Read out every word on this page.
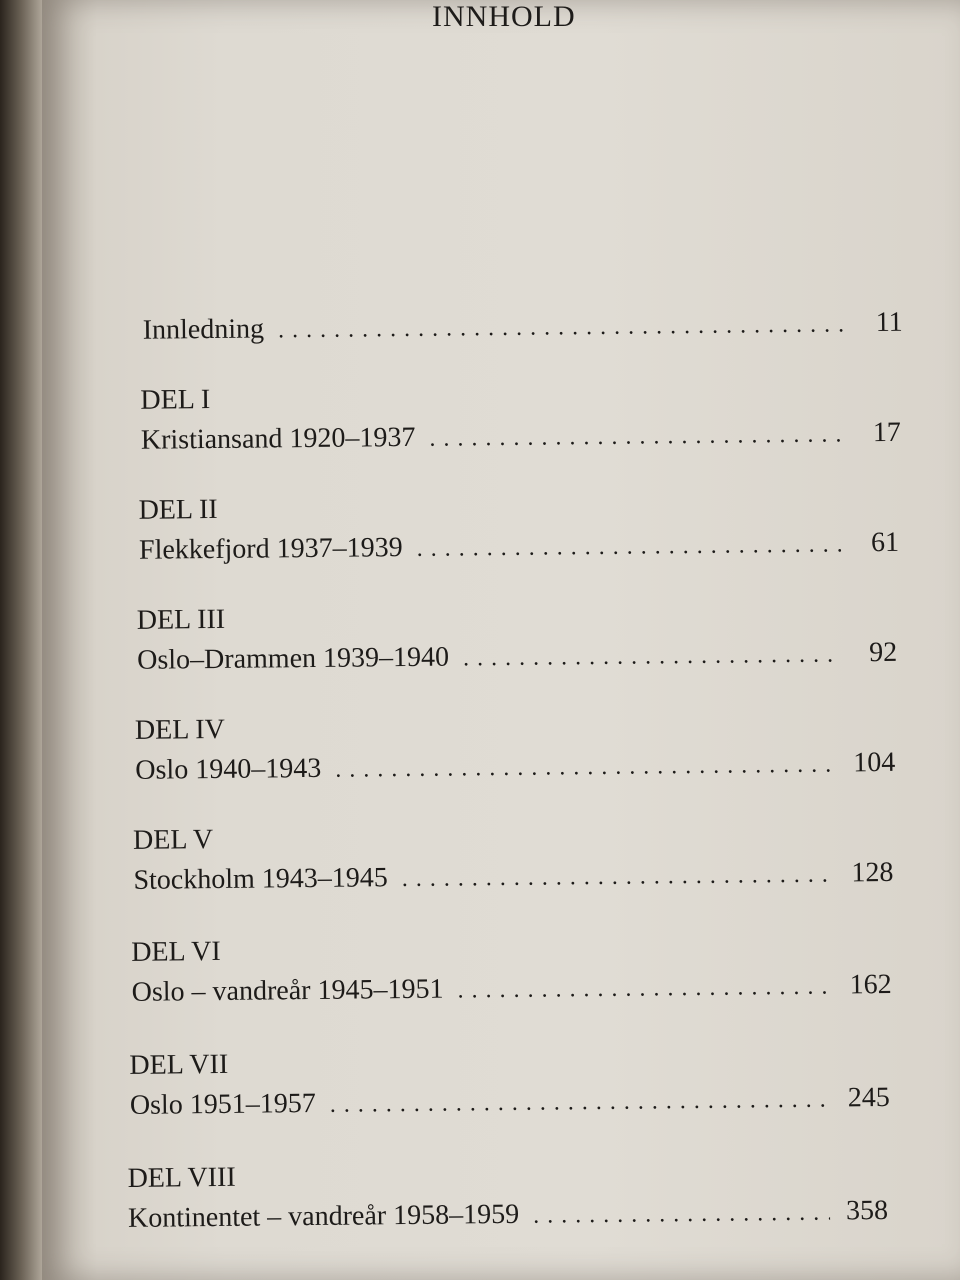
INNHOLD
Innledning . . .	11
DEL I
Kristiansand 1920–1937 . . .	17
DEL II
Flekkefjord 1937–1939 . . .	61
DEL III
Oslo–Drammen 1939–1940 . . .	92
DEL IV
Oslo 1940–1943 . . .	104
DEL V
Stockholm 1943–1945 . . .	128
DEL VI
Oslo – vandreår 1945–1951 . . .	162
DEL VII
Oslo 1951–1957 . . .	245
DEL VIII
Kontinentet – vandreår 1958–1959 . . .	358
